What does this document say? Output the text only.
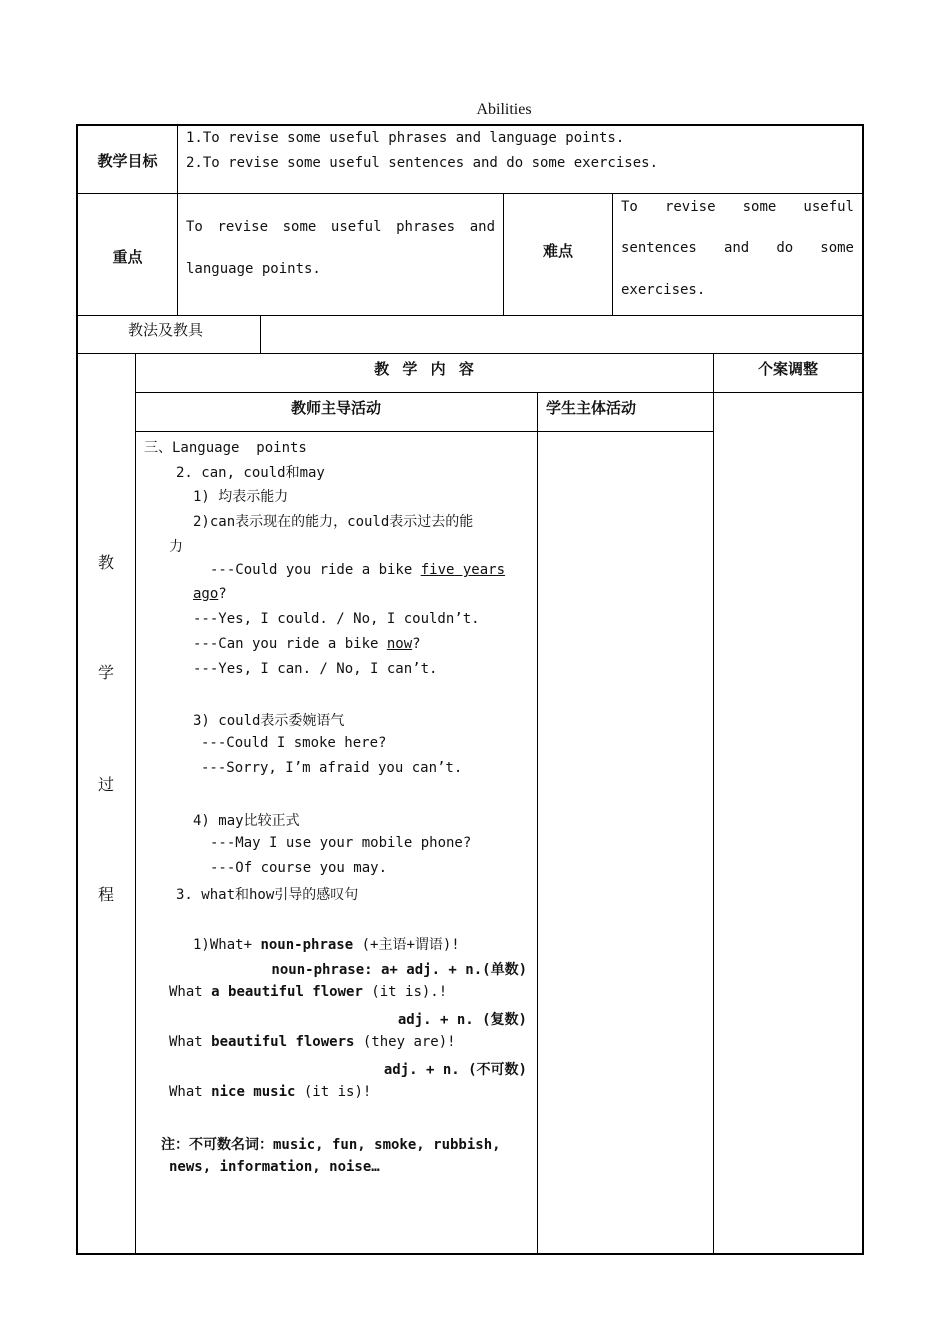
Abilities
教学目标
1.To revise some useful phrases and language points.
2.To revise some useful sentences and do some exercises.
重点
To revise some useful phrases and
language points.
难点
To revise some useful
sentences and do some
exercises.
教法及教具
教 学 内 容	个案调整
教师主导活动	学生主体活动
教
学
过
程
三、Language  points
2. can, could和may
1) 均表示能力
2)can表示现在的能力，could表示过去的能
力
---Could you ride a bike five years
ago?
---Yes, I could. / No, I couldn’t.
---Can you ride a bike now?
---Yes, I can. / No, I can’t.
3) could表示委婉语气
---Could I smoke here?
---Sorry, I’m afraid you can’t.
4) may比较正式
---May I use your mobile phone?
---Of course you may.
3. what和how引导的感叹句
1)What+ noun-phrase (+主语+谓语)!
noun-phrase: a+ adj. + n.(单数)
What a beautiful flower (it is).!
adj. + n. (复数)
What beautiful flowers (they are)!
adj. + n. (不可数)
What nice music (it is)!
注：不可数名词：music, fun, smoke, rubbish,
news, information, noise…
